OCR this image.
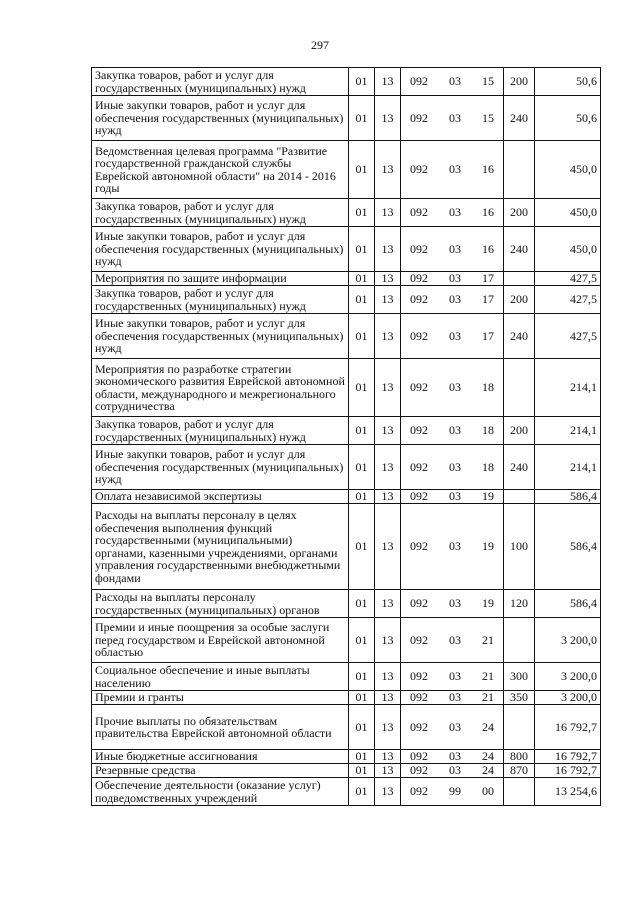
297
Закупка товаров, работ и услуг для государственных (муниципальных) нужд	01	13	092 03 15	200	50,6
Иные закупки товаров, работ и услуг для обеспечения государственных (муниципальных) нужд	01	13	092 03 15	240	50,6
Ведомственная целевая программа "Развитие государственной гражданской службы Еврейской автономной области" на 2014 - 2016 годы	01	13	092 03 16		450,0
Закупка товаров, работ и услуг для государственных (муниципальных) нужд	01	13	092 03 16	200	450,0
Иные закупки товаров, работ и услуг для обеспечения государственных (муниципальных) нужд	01	13	092 03 16	240	450,0
Мероприятия по защите информации	01	13	092 03 17		427,5
Закупка товаров, работ и услуг для государственных (муниципальных) нужд	01	13	092 03 17	200	427,5
Иные закупки товаров, работ и услуг для обеспечения государственных (муниципальных) нужд	01	13	092 03 17	240	427,5
Мероприятия по разработке стратегии экономического развития Еврейской автономной области, международного и межрегионального сотрудничества	01	13	092 03 18		214,1
Закупка товаров, работ и услуг для государственных (муниципальных) нужд	01	13	092 03 18	200	214,1
Иные закупки товаров, работ и услуг для обеспечения государственных (муниципальных) нужд	01	13	092 03 18	240	214,1
Оплата независимой экспертизы	01	13	092 03 19		586,4
Расходы на выплаты персоналу в целях обеспечения выполнения функций государственными (муниципальными) органами, казенными учреждениями, органами управления государственными внебюджетными фондами	01	13	092 03 19	100	586,4
Расходы на выплаты персоналу государственных (муниципальных) органов	01	13	092 03 19	120	586,4
Премии и иные поощрения за особые заслуги перед государством и Еврейской автономной областью	01	13	092 03 21		3 200,0
Социальное обеспечение и иные выплаты населению	01	13	092 03 21	300	3 200,0
Премии и гранты	01	13	092 03 21	350	3 200,0
Прочие выплаты по обязательствам правительства Еврейской автономной области	01	13	092 03 24		16 792,7
Иные бюджетные ассигнования	01	13	092 03 24	800	16 792,7
Резервные средства	01	13	092 03 24	870	16 792,7
Обеспечение деятельности (оказание услуг) подведомственных учреждений	01	13	092 99 00		13 254,6
